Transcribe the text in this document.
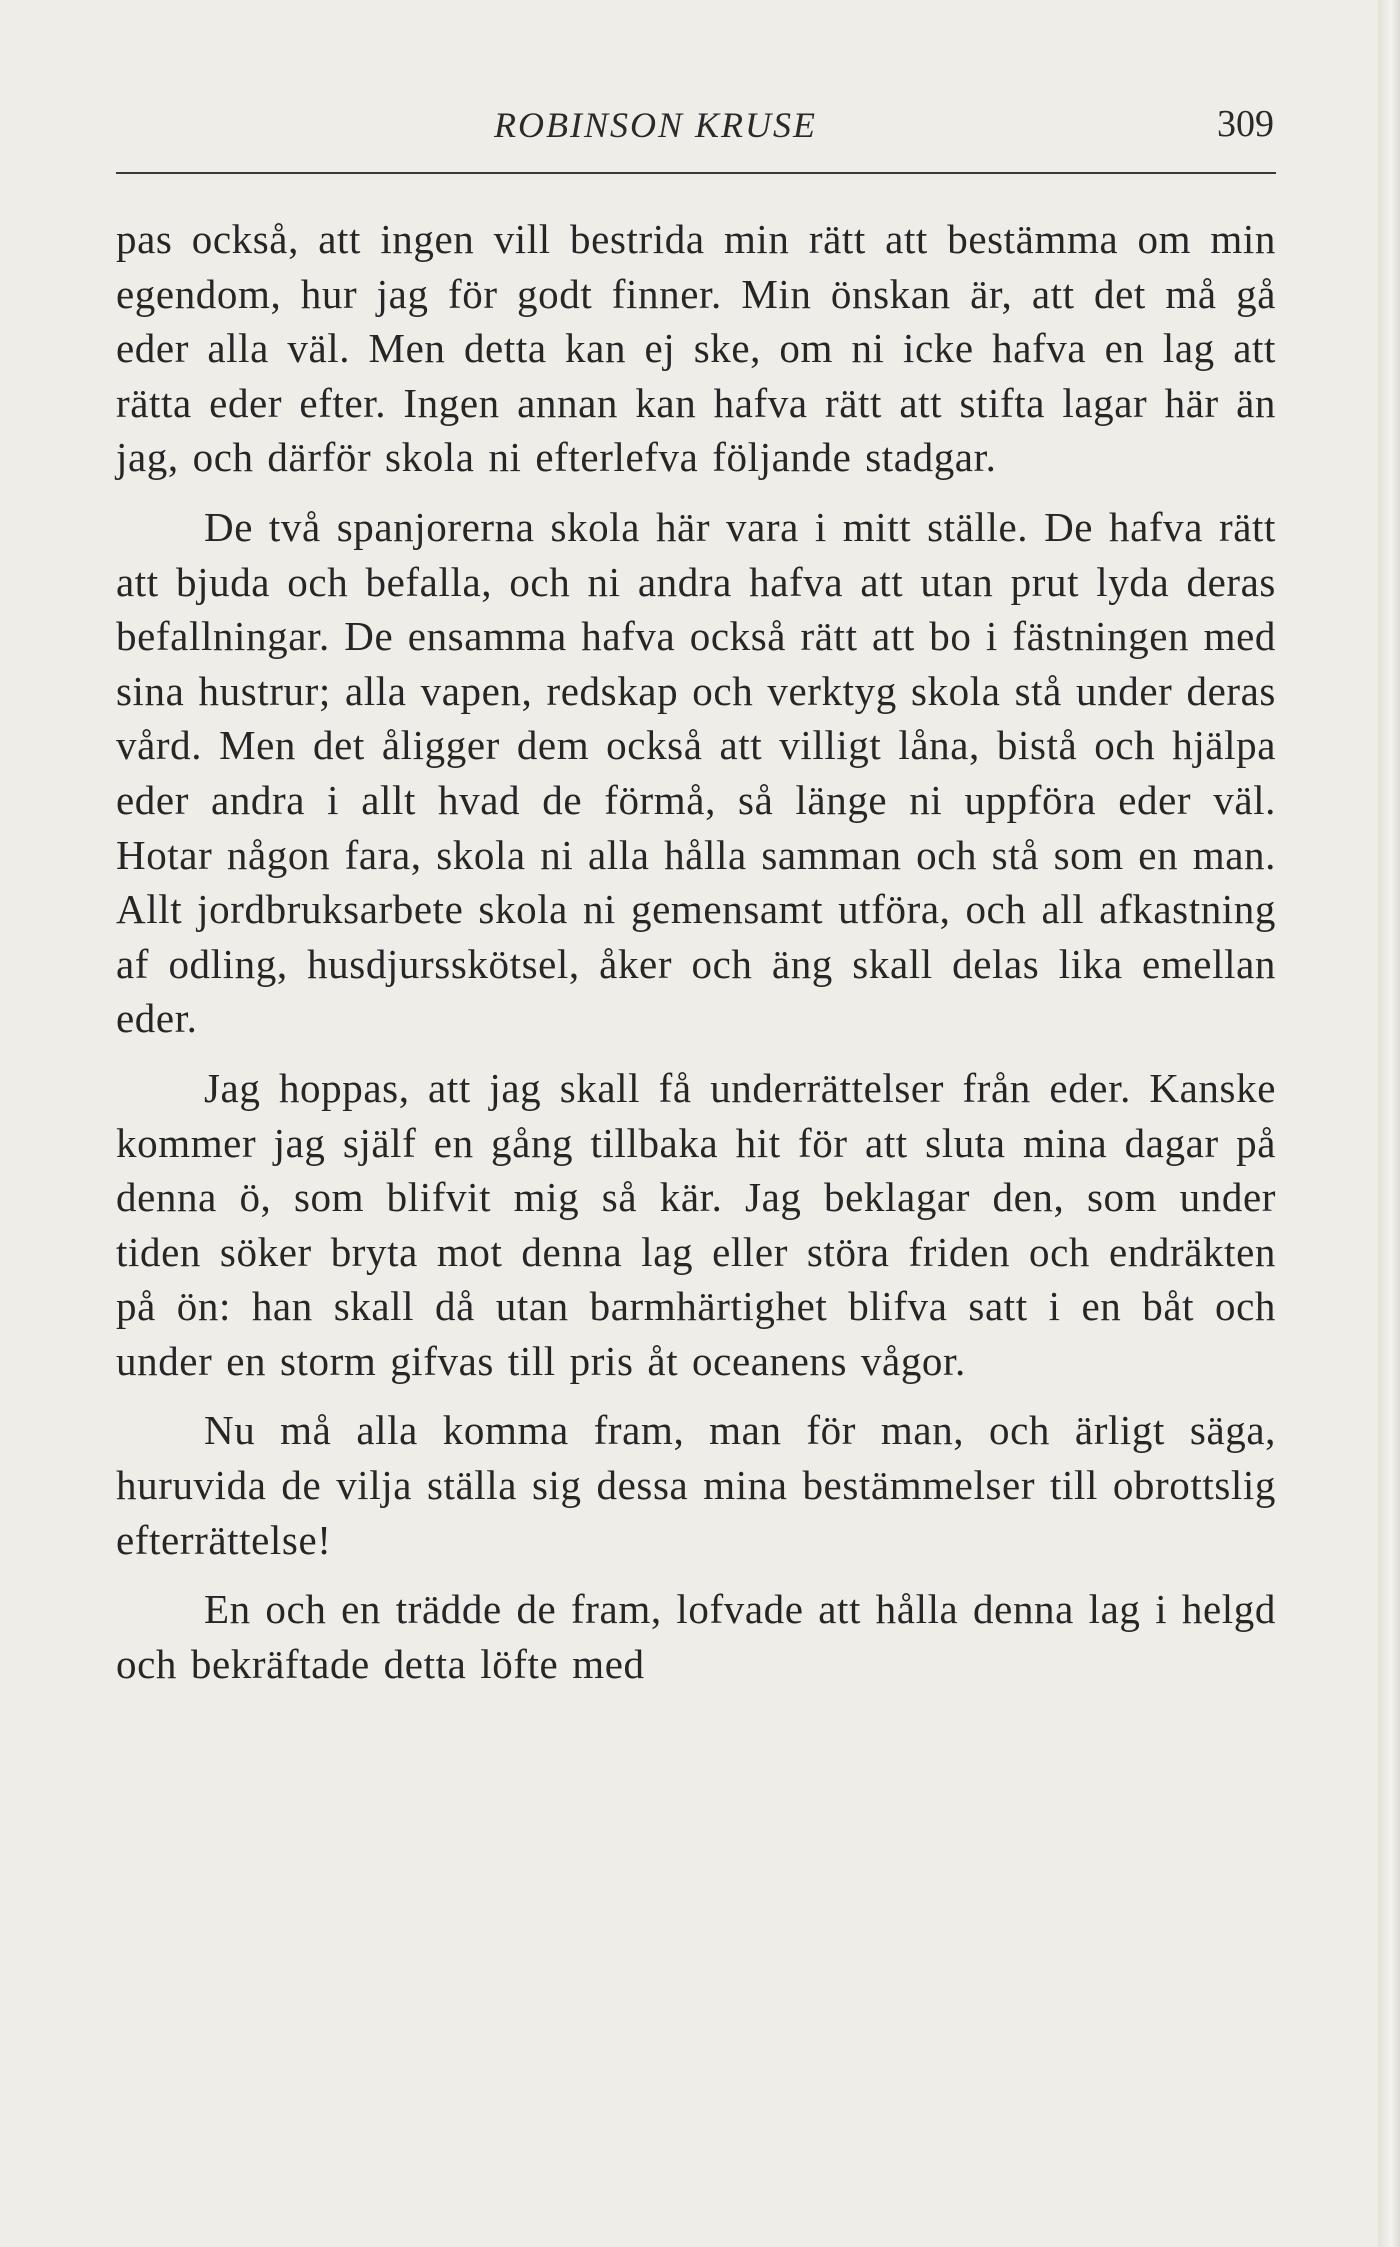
ROBINSON KRUSE	309

pas också, att ingen vill bestrida min rätt att bestämma om min egendom, hur jag för godt finner. Min önskan är, att det må gå eder alla väl. Men detta kan ej ske, om ni icke hafva en lag att rätta eder efter. Ingen annan kan hafva rätt att stifta lagar här än jag, och därför skola ni efterlefva följande stadgar.

De två spanjorerna skola här vara i mitt ställe. De hafva rätt att bjuda och befalla, och ni andra hafva att utan prut lyda deras befallningar. De ensamma hafva också rätt att bo i fästningen med sina hustrur; alla vapen, redskap och verktyg skola stå under deras vård. Men det åligger dem också att villigt låna, bistå och hjälpa eder andra i allt hvad de förmå, så länge ni uppföra eder väl. Hotar någon fara, skola ni alla hålla samman och stå som en man. Allt jordbruksarbete skola ni gemensamt utföra, och all afkastning af odling, husdjursskötsel, åker och äng skall delas lika emellan eder.

Jag hoppas, att jag skall få underrättelser från eder. Kanske kommer jag själf en gång tillbaka hit för att sluta mina dagar på denna ö, som blifvit mig så kär. Jag beklagar den, som under tiden söker bryta mot denna lag eller störa friden och endräkten på ön: han skall då utan barmhärtighet blifva satt i en båt och under en storm gifvas till pris åt oceanens vågor.

Nu må alla komma fram, man för man, och ärligt säga, huruvida de vilja ställa sig dessa mina bestämmelser till obrottslig efterrättelse!

En och en trädde de fram, lofvade att hålla denna lag i helgd och bekräftade detta löfte med
